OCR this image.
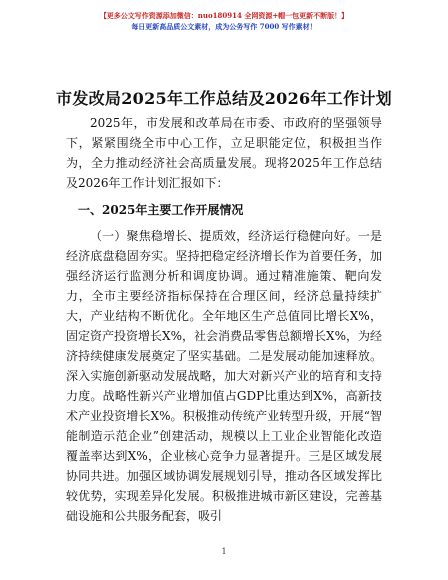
【更多公文写作资源添加微信：nuo180914 全网资源+帽一包更新不断版！】
每日更新高品质公文素材，成为公务写作 7000 写作素材！
市发改局2025年工作总结及2026年工作计划

2025年，市发展和改革局在市委、市政府的坚强领导下，紧紧围绕全市中心工作，立足职能定位，积极担当作为，全力推动经济社会高质量发展。现将2025年工作总结及2026年工作计划汇报如下：

一、2025年主要工作开展情况

（一）聚焦稳增长、提质效，经济运行稳健向好。一是经济底盘稳固夯实。坚持把稳定经济增长作为首要任务，加强经济运行监测分析和调度协调。通过精准施策、靶向发力，全市主要经济指标保持在合理区间，经济总量持续扩大，产业结构不断优化。全年地区生产总值同比增长X%，固定资产投资增长X%，社会消费品零售总额增长X%，为经济持续健康发展奠定了坚实基础。二是发展动能加速释放。深入实施创新驱动发展战略，加大对新兴产业的培育和支持力度。战略性新兴产业增加值占GDP比重达到X%，高新技术产业投资增长X%。积极推动传统产业转型升级，开展“智能制造示范企业”创建活动，规模以上工业企业智能化改造覆盖率达到X%，企业核心竞争力显著提升。三是区域发展协同共进。加强区域协调发展规划引导，推动各区域发挥比较优势，实现差异化发展。积极推进城市新区建设，完善基础设施和公共服务配套，吸引

1
